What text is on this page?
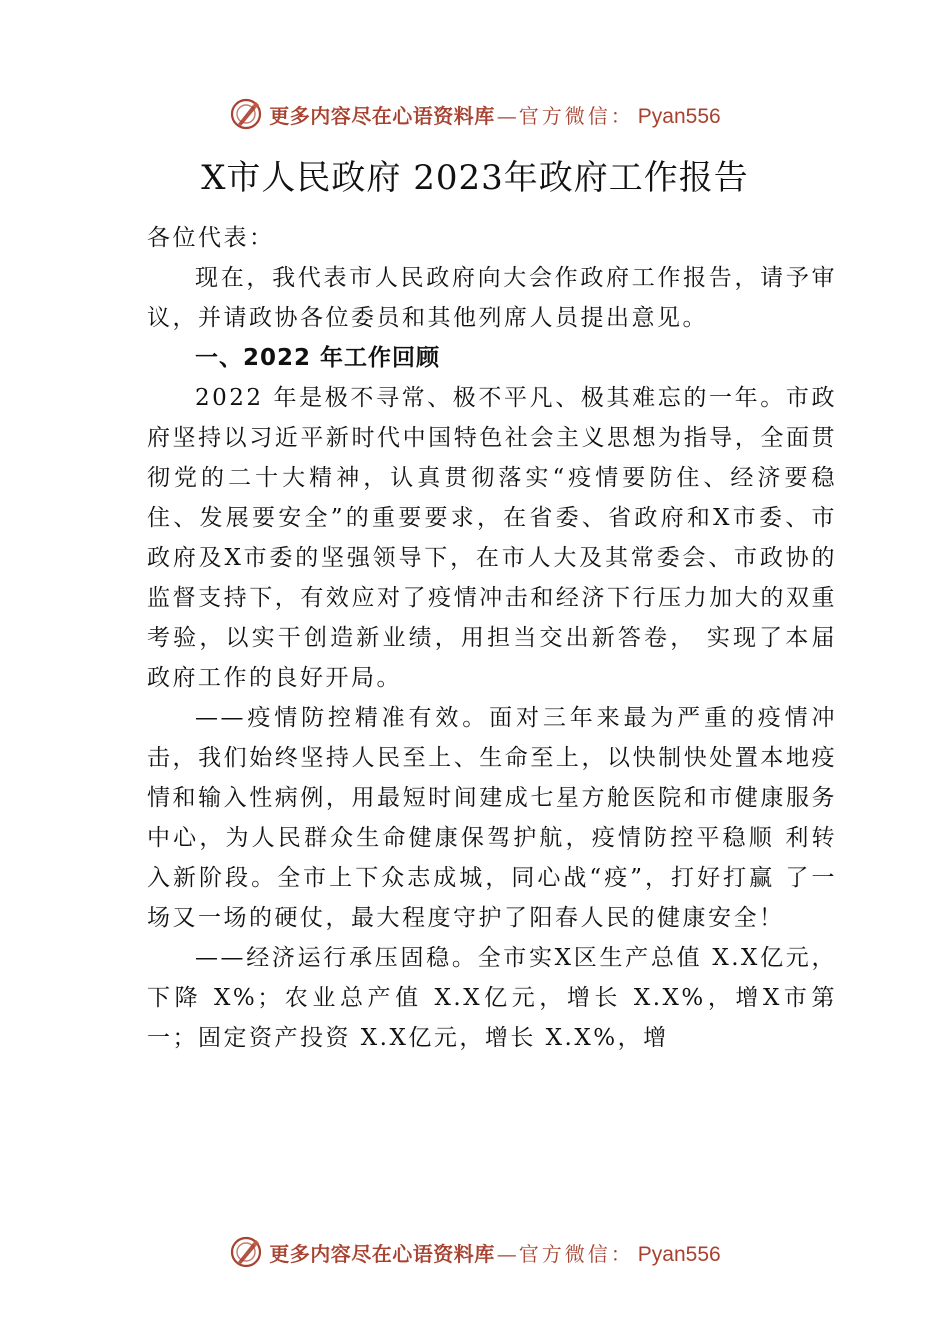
更多内容尽在心语资料库 — 官方微信： Pyan556
X市人民政府 2023年政府工作报告

各位代表：

现在，我代表市人民政府向大会作政府工作报告，请予审议，并请政协各位委员和其他列席人员提出意见。

一、2022 年工作回顾

2022 年是极不寻常、极不平凡、极其难忘的一年。市政府坚持以习近平新时代中国特色社会主义思想为指导，全面贯彻党的二十大精神，认真贯彻落实“疫情要防住、经济要稳住、发展要安全”的重要要求，在省委、省政府和X市委、市政府及X市委的坚强领导下，在市人大及其常委会、市政协的监督支持下，有效应对了疫情冲击和经济下行压力加大的双重考验，以实干创造新业绩，用担当交出新答卷， 实现了本届政府工作的良好开局。

——疫情防控精准有效。面对三年来最为严重的疫情冲击，我们始终坚持人民至上、生命至上，以快制快处置本地疫情和输入性病例，用最短时间建成七星方舱医院和市健康服务中心，为人民群众生命健康保驾护航，疫情防控平稳顺 利转入新阶段。全市上下众志成城，同心战“疫”，打好打赢 了一场又一场的硬仗，最大程度守护了阳春人民的健康安全！

——经济运行承压固稳。全市实X区生产总值 X.X亿元，下降 X%；农业总产值 X.X亿元，增长 X.X%，增X市第一；固定资产投资 X.X亿元，增长 X.X%，增

更多内容尽在心语资料库 — 官方微信： Pyan556
